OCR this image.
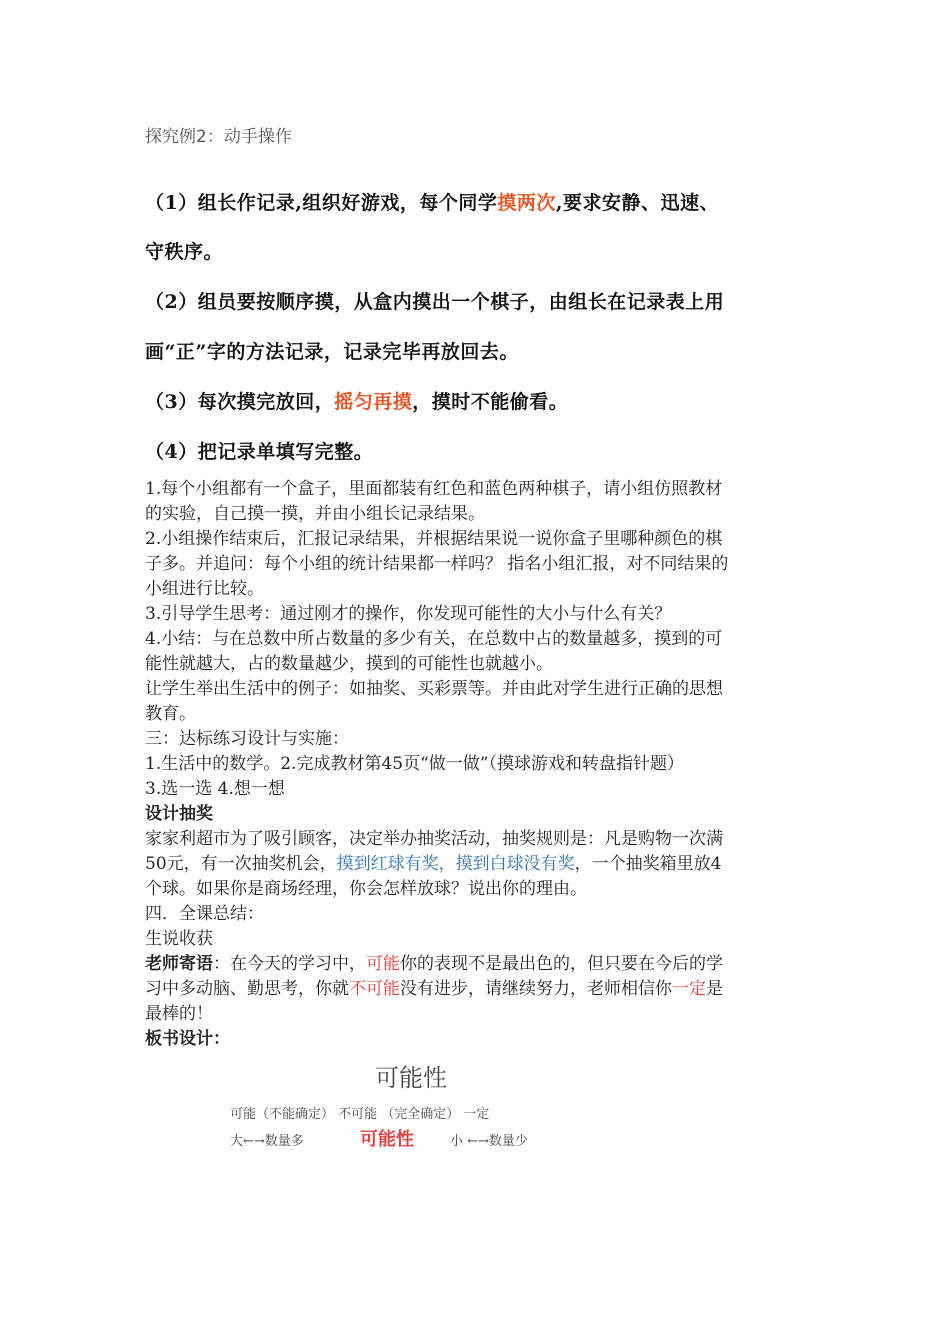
探究例2：动手操作
（1）组长作记录,组织好游戏，每个同学摸两次,要求安静、迅速、
守秩序。
（2）组员要按顺序摸，从盒内摸出一个棋子，由组长在记录表上用
画“正”字的方法记录，记录完毕再放回去。
（3）每次摸完放回，摇匀再摸，摸时不能偷看。
（4）把记录单填写完整。
1.每个小组都有一个盒子，里面都装有红色和蓝色两种棋子，请小组仿照教材
的实验，自己摸一摸，并由小组长记录结果。
2.小组操作结束后，汇报记录结果，并根据结果说一说你盒子里哪种颜色的棋
子多。并追问：每个小组的统计结果都一样吗？ 指名小组汇报，对不同结果的
小组进行比较。
3.引导学生思考：通过刚才的操作，你发现可能性的大小与什么有关？
4.小结：与在总数中所占数量的多少有关，在总数中占的数量越多，摸到的可
能性就越大，占的数量越少，摸到的可能性也就越小。
让学生举出生活中的例子：如抽奖、买彩票等。并由此对学生进行正确的思想
教育。
三：达标练习设计与实施：
1.生活中的数学。2.完成教材第45页“做一做”（摸球游戏和转盘指针题）
3.选一选 4.想一想
设计抽奖
家家利超市为了吸引顾客，决定举办抽奖活动，抽奖规则是：凡是购物一次满
50元，有一次抽奖机会，摸到红球有奖，摸到白球没有奖，一个抽奖箱里放4
个球。如果你是商场经理，你会怎样放球？说出你的理由。
四．全课总结：
生说收获
老师寄语：在今天的学习中，可能你的表现不是最出色的，但只要在今后的学
习中多动脑、勤思考，你就不可能没有进步，请继续努力，老师相信你一定是
最棒的！
板书设计：
可能性
可能（不能确定） 不可能 （完全确定） 一定
大←→数量多	可能性	小 ←→数量少
